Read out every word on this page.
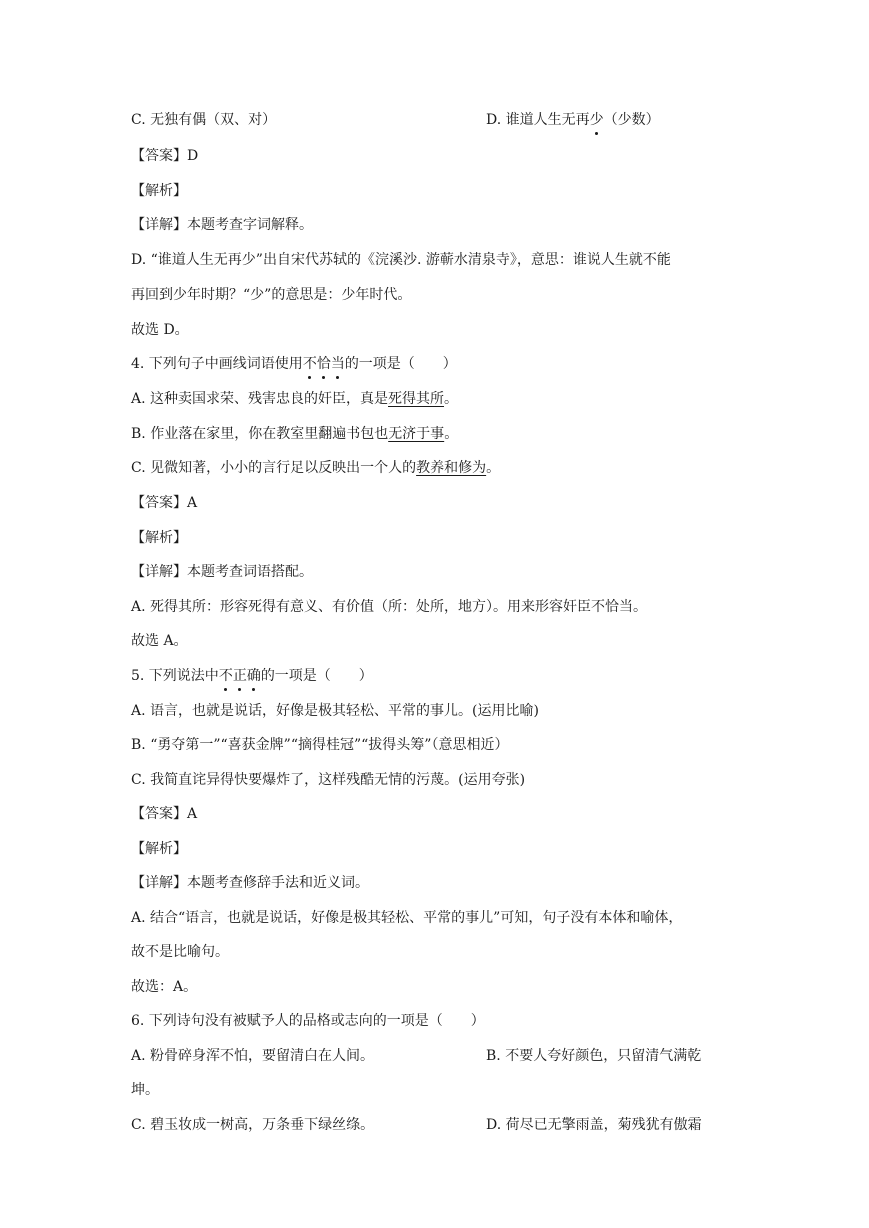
C. 无独有偶（双、对）	D. 谁道人生无再少（少数）
【答案】D
【解析】
【详解】本题考查字词解释。
D. “谁道人生无再少”出自宋代苏轼的《浣溪沙. 游蕲水清泉寺》，意思：谁说人生就不能
再回到少年时期？“少”的意思是：少年时代。
故选 D。
4. 下列句子中画线词语使用不恰当的一项是（　　）
A. 这种卖国求荣、残害忠良的奸臣，真是死得其所。
B. 作业落在家里，你在教室里翻遍书包也无济于事。
C. 见微知著，小小的言行足以反映出一个人的教养和修为。
【答案】A
【解析】
【详解】本题考查词语搭配。
A. 死得其所：形容死得有意义、有价值（所：处所，地方）。用来形容奸臣不恰当。
故选 A。
5. 下列说法中不正确的一项是（　　）
A. 语言，也就是说话，好像是极其轻松、平常的事儿。(运用比喻)
B. “勇夺第一”“喜获金牌”“摘得桂冠”“拔得头筹”（意思相近）
C. 我简直诧异得快要爆炸了，这样残酷无情的污蔑。(运用夸张)
【答案】A
【解析】
【详解】本题考查修辞手法和近义词。
A. 结合“语言，也就是说话，好像是极其轻松、平常的事儿”可知，句子没有本体和喻体，
故不是比喻句。
故选：A。
6. 下列诗句没有被赋予人的品格或志向的一项是（　　）
A. 粉骨碎身浑不怕，要留清白在人间。	B. 不要人夸好颜色，只留清气满乾
坤。
C. 碧玉妆成一树高，万条垂下绿丝绦。	D. 荷尽已无擎雨盖，菊残犹有傲霜
